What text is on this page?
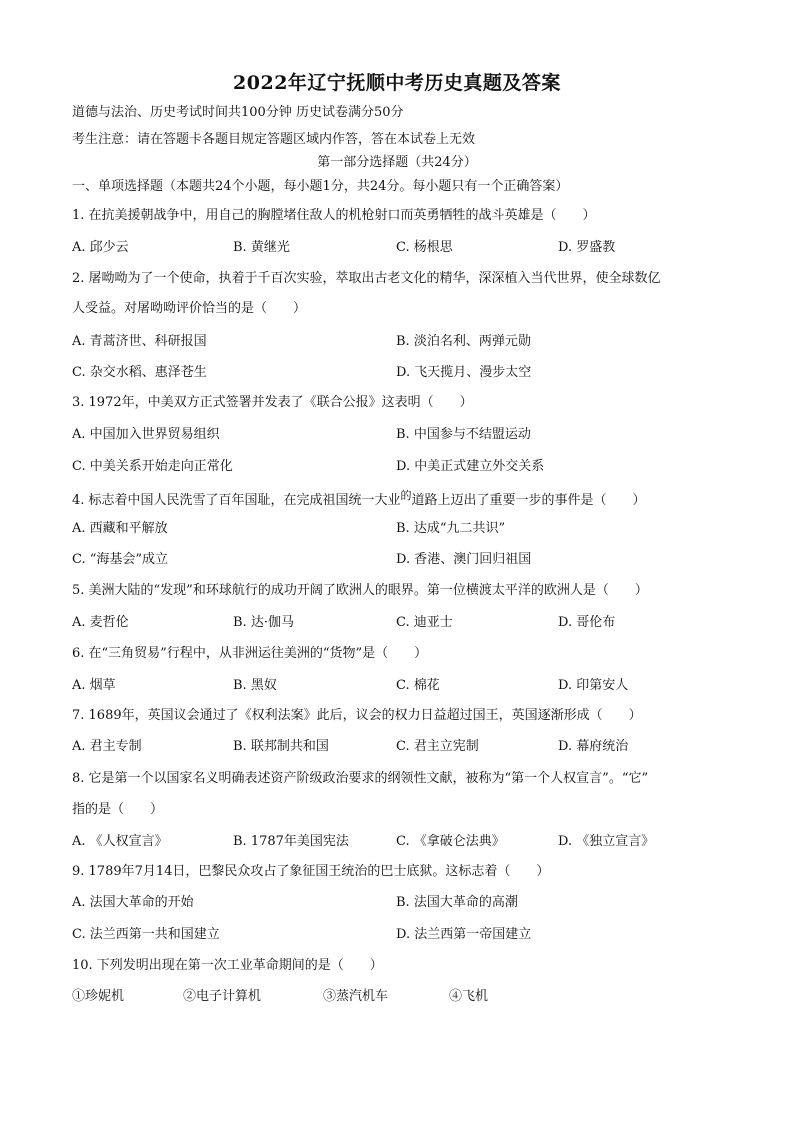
2022年辽宁抚顺中考历史真题及答案
道德与法治、历史考试时间共100分钟 历史试卷满分50分
考生注意：请在答题卡各题目规定答题区域内作答，答在本试卷上无效
第一部分选择题（共24分）
一、单项选择题（本题共24个小题，每小题1分，共24分。每小题只有一个正确答案）
1. 在抗美援朝战争中，用自己的胸膛堵住敌人的机枪射口而英勇牺牲的战斗英雄是（　　）
A. 邱少云	B. 黄继光	C. 杨根思	D. 罗盛教
2. 屠呦呦为了一个使命，执着于千百次实验，萃取出古老文化的精华，深深植入当代世界，使全球数亿
人受益。对屠呦呦评价恰当的是（　　）
A. 青蒿济世、科研报国	B. 淡泊名利、两弹元勋
C. 杂交水稻、惠泽苍生	D. 飞天揽月、漫步太空
3. 1972年，中美双方正式签署并发表了《联合公报》这表明（　　）
A. 中国加入世界贸易组织	B. 中国参与不结盟运动
C. 中美关系开始走向正常化	D. 中美正式建立外交关系
4. 标志着中国人民洗雪了百年国耻，在完成祖国统一大业$^的$道路上迈出了重要一步的事件是（　　）
A. 西藏和平解放	B. 达成“九二共识”
C. “海基会”成立	D. 香港、澳门回归祖国
5. 美洲大陆的“发现”和环球航行的成功开阔了欧洲人的眼界。第一位横渡太平洋的欧洲人是（　　）
A. 麦哲伦	B. 达·伽马	C. 迪亚士	D. 哥伦布
6. 在“三角贸易”行程中，从非洲运往美洲的“货物”是（　　）
A. 烟草	B. 黑奴	C. 棉花	D. 印第安人
7. 1689年，英国议会通过了《权利法案》此后，议会的权力日益超过国王，英国逐渐形成（　　）
A. 君主专制	B. 联邦制共和国	C. 君主立宪制	D. 幕府统治
8. 它是第一个以国家名义明确表述资产阶级政治要求的纲领性文献，被称为“第一个人权宣言”。“它”
指的是（　　）
A. 《人权宣言》	B. 1787年美国宪法	C. 《拿破仑法典》	D. 《独立宣言》
9. 1789年7月14日，巴黎民众攻占了象征国王统治的巴士底狱。这标志着（　　）
A. 法国大革命的开始	B. 法国大革命的高潮
C. 法兰西第一共和国建立	D. 法兰西第一帝国建立
10. 下列发明出现在第一次工业革命期间的是（　　）
①珍妮机	②电子计算机	③蒸汽机车	④飞机
